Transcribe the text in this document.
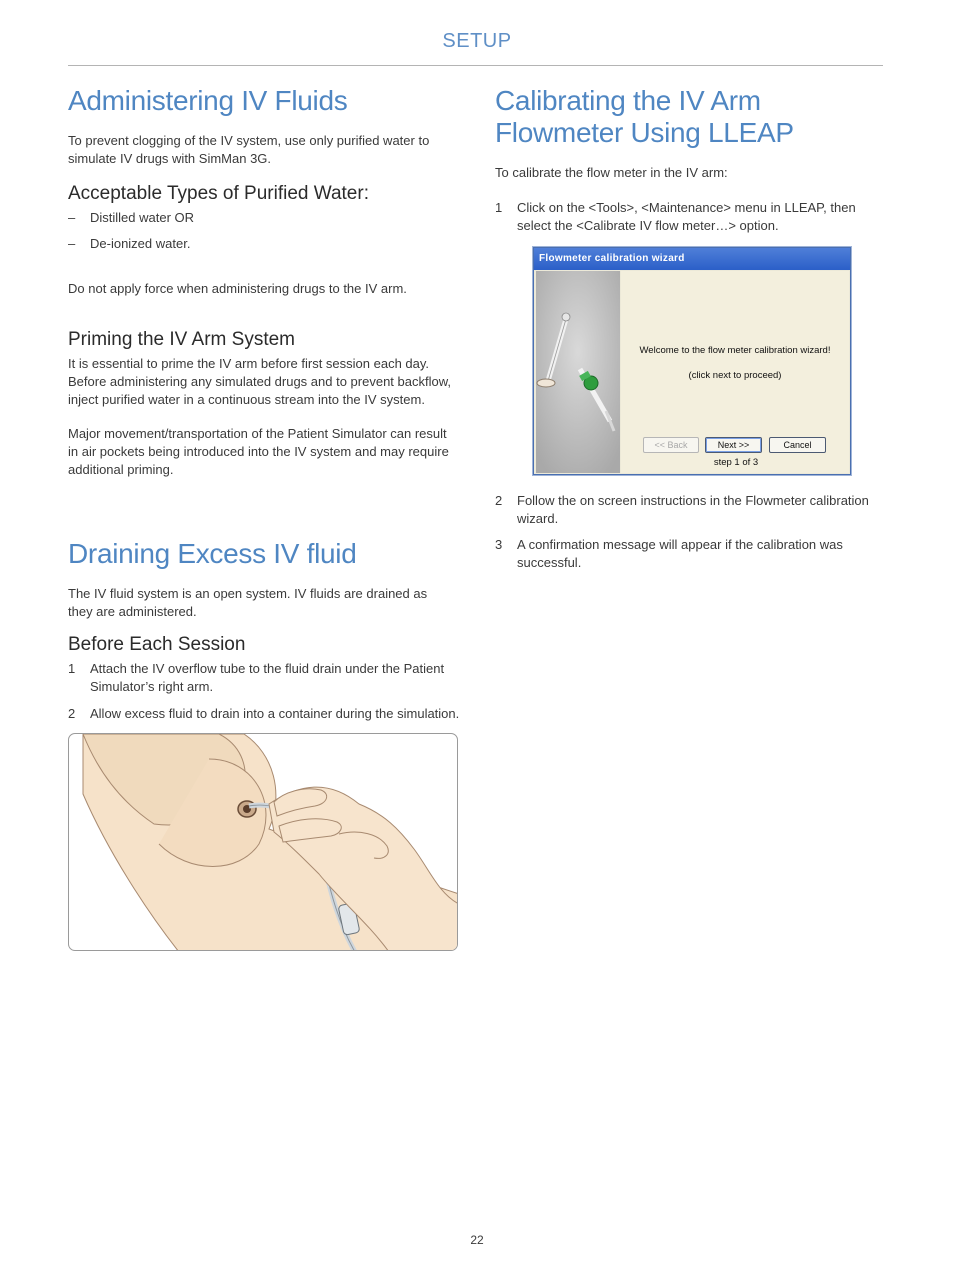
SETUP
Administering IV Fluids

To prevent clogging of the IV system, use only purified water to simulate IV drugs with SimMan 3G.

Acceptable Types of Purified Water:
–	Distilled water OR
–	De-ionized water.

Do not apply force when administering drugs to the IV arm.

Priming the IV Arm System

It is essential to prime the IV arm before first session each day. Before administering any simulated drugs and to prevent backflow, inject purified water in a continuous stream into the IV system.

Major movement/transportation of the Patient Simulator can result in air pockets being introduced into the IV system and may require additional priming.

Draining Excess IV fluid

The IV fluid system is an open system. IV fluids are drained as they are administered.

Before Each Session
1	Attach the IV overflow tube to the fluid drain under the Patient Simulator’s right arm.
2	Allow excess fluid to drain into a container during the simulation.
Calibrating the IV Arm Flowmeter Using LLEAP

To calibrate the flow meter in the IV arm:

1	Click on the <Tools>, <Maintenance> menu in LLEAP, then select the <Calibrate IV flow meter…> option.
Flowmeter calibration wizard
Welcome to the flow meter calibration wizard!
(click next to proceed)
<< Back	Next >>	Cancel
step 1 of 3
2	Follow the on screen instructions in the Flowmeter calibration wizard.
3	A confirmation message will appear if the calibration was successful.
22
